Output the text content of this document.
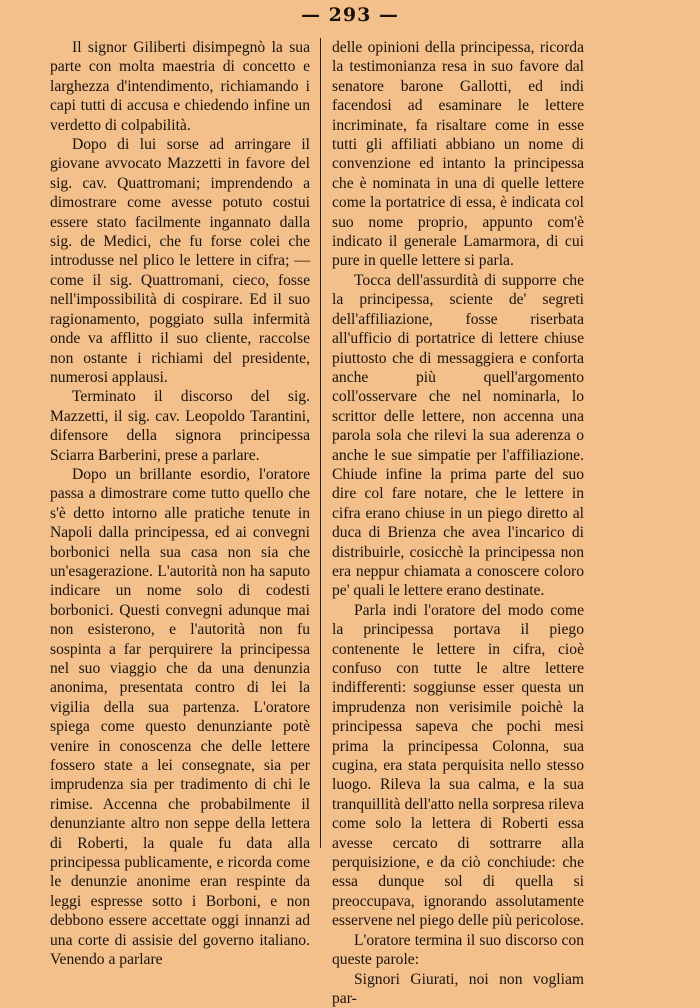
— 293 —

Il signor Giliberti disimpegnò la sua parte con molta maestria di concetto e larghezza d'intendimento, richiamando i capi tutti di accusa e chiedendo infine un verdetto di colpabilità.

Dopo di lui sorse ad arringare il giovane avvocato Mazzetti in favore del sig. cav. Quattromani; imprendendo a dimostrare come avesse potuto costui essere stato facilmente ingannato dalla sig. de Medici, che fu forse colei che introdusse nel plico le lettere in cifra; — come il sig. Quattromani, cieco, fosse nell'impossibilità di cospirare. Ed il suo ragionamento, poggiato sulla infermità onde va afflitto il suo cliente, raccolse non ostante i richiami del presidente, numerosi applausi.

Terminato il discorso del sig. Mazzetti, il sig. cav. Leopoldo Tarantini, difensore della signora principessa Sciarra Barberini, prese a parlare.

Dopo un brillante esordio, l'oratore passa a dimostrare come tutto quello che s'è detto intorno alle pratiche tenute in Napoli dalla principessa, ed ai convegni borbonici nella sua casa non sia che un'esagerazione. L'autorità non ha saputo indicare un nome solo di codesti borbonici. Questi convegni adunque mai non esisterono, e l'autorità non fu sospinta a far perquirere la principessa nel suo viaggio che da una denunzia anonima, presentata contro di lei la vigilia della sua partenza. L'oratore spiega come questo denunziante potè venire in conoscenza che delle lettere fossero state a lei consegnate, sia per imprudenza sia per tradimento di chi le rimise. Accenna che probabilmente il denunziante altro non seppe della lettera di Roberti, la quale fu data alla principessa publicamente, e ricorda come le denunzie anonime eran respinte da leggi espresse sotto i Borboni, e non debbono essere accettate oggi innanzi ad una corte di assisie del governo italiano. Venendo a parlare

delle opinioni della principessa, ricorda la testimonianza resa in suo favore dal senatore barone Gallotti, ed indi facendosi ad esaminare le lettere incriminate, fa risaltare come in esse tutti gli affiliati abbiano un nome di convenzione ed intanto la principessa che è nominata in una di quelle lettere come la portatrice di essa, è indicata col suo nome proprio, appunto com'è indicato il generale Lamarmora, di cui pure in quelle lettere si parla.

Tocca dell'assurdità di supporre che la principessa, sciente de' segreti dell'affiliazione, fosse riserbata all'ufficio di portatrice di lettere chiuse piuttosto che di messaggiera e conforta anche più quell'argomento coll'osservare che nel nominarla, lo scrittor delle lettere, non accenna una parola sola che rilevi la sua aderenza o anche le sue simpatie per l'affiliazione. Chiude infine la prima parte del suo dire col fare notare, che le lettere in cifra erano chiuse in un piego diretto al duca di Brienza che avea l'incarico di distribuirle, cosicchè la principessa non era neppur chiamata a conoscere coloro pe' quali le lettere erano destinate.

Parla indi l'oratore del modo come la principessa portava il piego contenente le lettere in cifra, cioè confuso con tutte le altre lettere indifferenti: soggiunse esser questa un imprudenza non verisimile poichè la principessa sapeva che pochi mesi prima la principessa Colonna, sua cugina, era stata perquisita nello stesso luogo. Rileva la sua calma, e la sua tranquillità dell'atto nella sorpresa rileva come solo la lettera di Roberti essa avesse cercato di sottrarre alla perquisizione, e da ciò conchiude: che essa dunque sol di quella si preoccupava, ignorando assolutamente esservene nel piego delle più pericolose.

L'oratore termina il suo discorso con queste parole:

Signori Giurati, noi non vogliam par-
